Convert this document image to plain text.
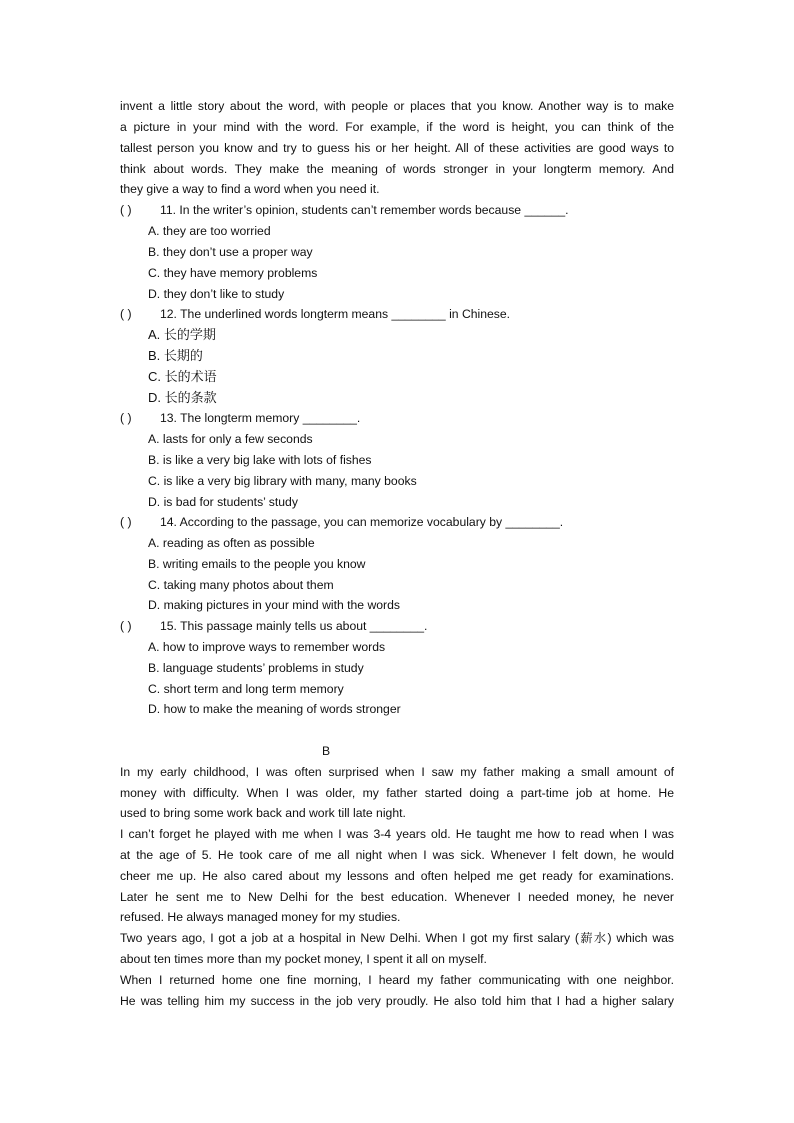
invent a little story about the word, with people or places that you know. Another way is to make
a picture in your mind with the word. For example, if the word is height, you can think of the
tallest person you know and try to guess his or her height. All of these activities are good ways to
think about words. They make the meaning of words stronger in your longterm memory. And
they give a way to find a word when you need it.
( ) 11. In the writer’s opinion, students can’t remember words because ______.
A. they are too worried
B. they don’t use a proper way
C. they have memory problems
D. they don’t like to study
( ) 12. The underlined words longterm means ________ in Chinese.
A. 长的学期
B. 长期的
C. 长的术语
D. 长的条款
( ) 13. The longterm memory ________.
A. lasts for only a few seconds
B. is like a very big lake with lots of fishes
C. is like a very big library with many, many books
D. is bad for students’ study
( ) 14. According to the passage, you can memorize vocabulary by ________.
A. reading as often as possible
B. writing emails to the people you know
C. taking many photos about them
D. making pictures in your mind with the words
( ) 15. This passage mainly tells us about ________.
A. how to improve ways to remember words
B. language students’ problems in study
C. short term and long term memory
D. how to make the meaning of words stronger
B
In my early childhood, I was often surprised when I saw my father making a small amount of
money with difficulty. When I was older, my father started doing a part-time job at home. He
used to bring some work back and work till late night.
I can’t forget he played with me when I was 3-4 years old. He taught me how to read when I was
at the age of 5. He took care of me all night when I was sick. Whenever I felt down, he would
cheer me up. He also cared about my lessons and often helped me get ready for examinations.
Later he sent me to New Delhi for the best education. Whenever I needed money, he never
refused. He always managed money for my studies.
Two years ago, I got a job at a hospital in New Delhi. When I got my first salary (薪水) which was
about ten times more than my pocket money, I spent it all on myself.
When I returned home one fine morning, I heard my father communicating with one neighbor.
He was telling him my success in the job very proudly. He also told him that I had a higher salary
